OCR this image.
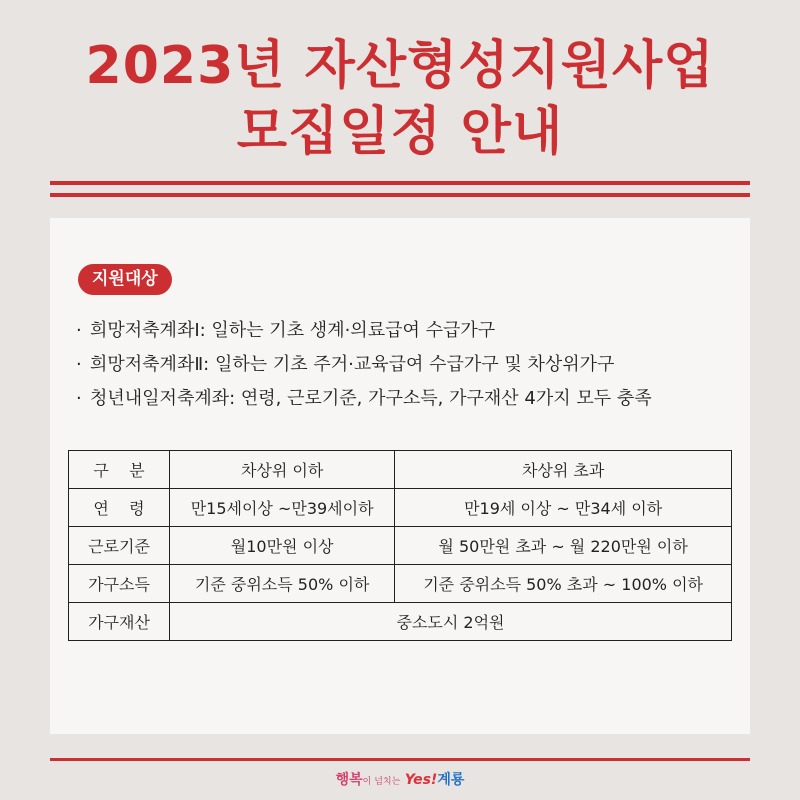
2023년 자산형성지원사업
모집일정 안내
지원대상
· 희망저축계좌Ⅰ: 일하는 기초 생계·의료급여 수급가구
· 희망저축계좌Ⅱ: 일하는 기초 주거·교육급여 수급가구 및 차상위가구
· 청년내일저축계좌: 연령, 근로기준, 가구소득, 가구재산 4가지 모두 충족
구    분	차상위 이하	차상위 초과
연    령	만15세이상 ~만39세이하	만19세 이상 ~ 만34세 이하
근로기준	월10만원 이상	월 50만원 초과 ~ 월 220만원 이하
가구소득	기준 중위소득 50% 이하	기준 중위소득 50% 초과 ~ 100% 이하
가구재산	중소도시 2억원	
행복이 넘치는 Yes!계룡
